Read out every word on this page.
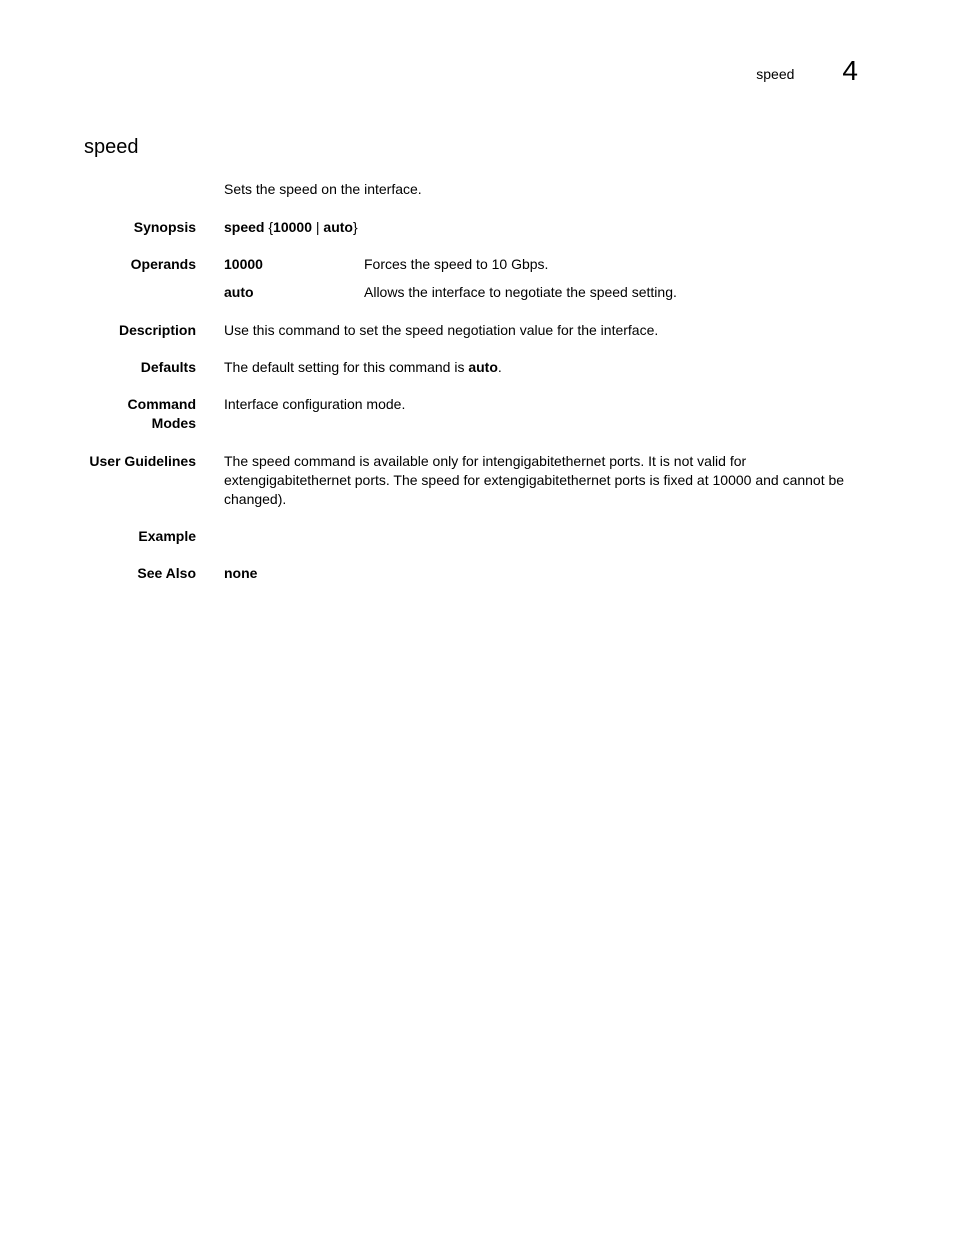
speed 4
speed
Sets the speed on the interface.
Synopsis speed {10000 | auto}
Operands 10000	Forces the speed to 10 Gbps.
auto	Allows the interface to negotiate the speed setting.
Description Use this command to set the speed negotiation value for the interface.
Defaults The default setting for this command is auto.
Command
Modes
Interface configuration mode.
User Guidelines The speed command is available only for intengigabitethernet ports. It is not valid for extengigabitethernet ports. The speed for extengigabitethernet ports is fixed at 10000 and cannot be changed).
Example
See Also none
